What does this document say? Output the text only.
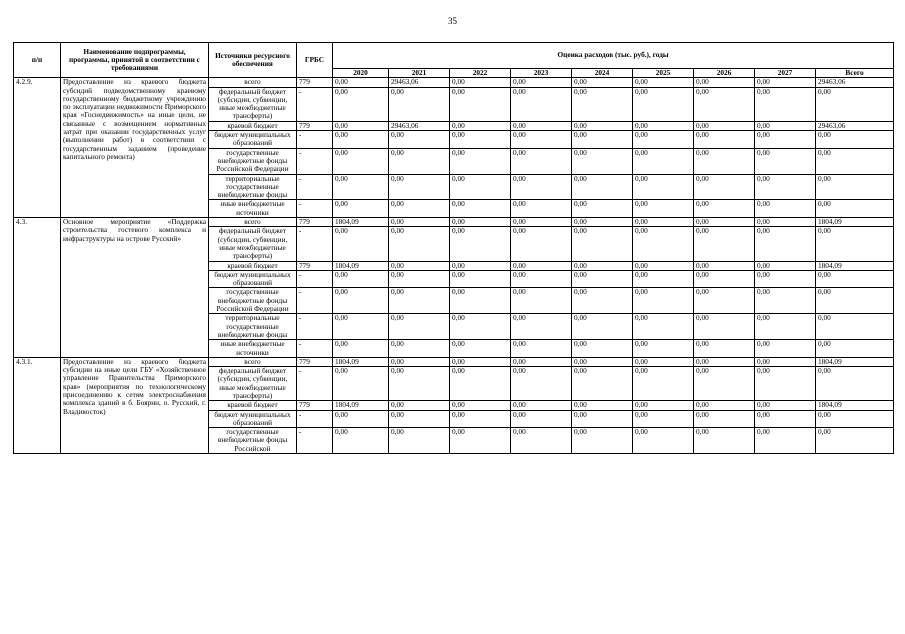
35
п/п	Наименование подпрограммы, программы, принятой в соответствии с требованиями	Источники ресурсного обеспечения	ГРБС	Оценка расходов (тыс. руб.), годы								
				2020	2021	2022	2023	2024	2025	2026	2027	Всего
4.2.9.	Предоставление из краевого бюджета субсидий подведомственному краевому государственному бюджетному учреждению по эксплуатации недвижимости Приморского края «Госнедвижимость» на иные цели, не связанные с возмещением нормативных затрат при оказании государственных услуг (выполнении работ) в соответствии с государственным заданием (проведение капитального ремонта)	всего	779	0,00	29463,06	0,00	0,00	0,00	0,00	0,00	0,00	29463,06
		федеральный бюджет (субсидии, субвенции, иные межбюджетные трансферты)	-	0,00	0,00	0,00	0,00	0,00	0,00	0,00	0,00	0,00
		краевой бюджет	779	0,00	29463,06	0,00	0,00	0,00	0,00	0,00	0,00	29463,06
		бюджет муниципальных образований	-	0,00	0,00	0,00	0,00	0,00	0,00	0,00	0,00	0,00
		государственные внебюджетные фонды Российской Федерации	-	0,00	0,00	0,00	0,00	0,00	0,00	0,00	0,00	0,00
		территориальные государственные внебюджетные фонды	-	0,00	0,00	0,00	0,00	0,00	0,00	0,00	0,00	0,00
		иные внебюджетные источники	-	0,00	0,00	0,00	0,00	0,00	0,00	0,00	0,00	0,00
4.3.	Основное мероприятие «Поддержка строительства гостевого комплекса и инфраструктуры на острове Русский»	всего	779	1804,09	0,00	0,00	0,00	0,00	0,00	0,00	0,00	1804,09
		федеральный бюджет (субсидии, субвенции, иные межбюджетные трансферты)	-	0,00	0,00	0,00	0,00	0,00	0,00	0,00	0,00	0,00
		краевой бюджет	779	1804,09	0,00	0,00	0,00	0,00	0,00	0,00	0,00	1804,09
		бюджет муниципальных образований	-	0,00	0,00	0,00	0,00	0,00	0,00	0,00	0,00	0,00
		государственные внебюджетные фонды Российской Федерации	-	0,00	0,00	0,00	0,00	0,00	0,00	0,00	0,00	0,00
		территориальные государственные внебюджетные фонды	-	0,00	0,00	0,00	0,00	0,00	0,00	0,00	0,00	0,00
		иные внебюджетные источники	-	0,00	0,00	0,00	0,00	0,00	0,00	0,00	0,00	0,00
4.3.1.	Предоставление из краевого бюджета субсидии на иные цели ГБУ «Хозяйственное управление Правительства Приморского края» (мероприятия по технологическому присоединению к сетям электроснабжения комплекса зданий в б. Боярин, о. Русский, г. Владивосток)	всего	779	1804,09	0,00	0,00	0,00	0,00	0,00	0,00	0,00	1804,09
		федеральный бюджет (субсидии, субвенции, иные межбюджетные трансферты)	-	0,00	0,00	0,00	0,00	0,00	0,00	0,00	0,00	0,00
		краевой бюджет	779	1804,09	0,00	0,00	0,00	0,00	0,00	0,00	0,00	1804,09
		бюджет муниципальных образований	-	0,00	0,00	0,00	0,00	0,00	0,00	0,00	0,00	0,00
		государственные внебюджетные фонды Российской	-	0,00	0,00	0,00	0,00	0,00	0,00	0,00	0,00	0,00
